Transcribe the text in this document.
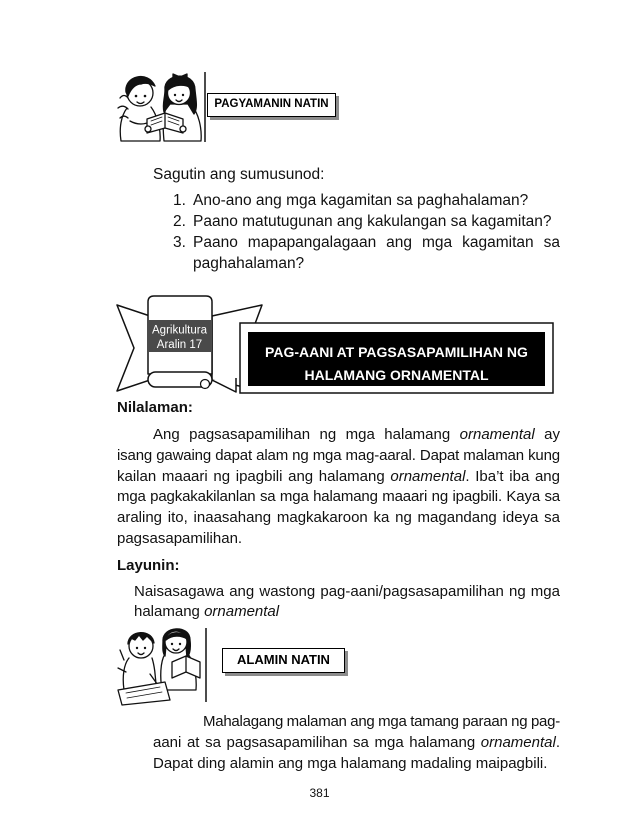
Agrikultura
Aralin 17	PAG-AANI AT PAGSASAPAMILIHAN NG
HALAMANG ORNAMENTAL
PAGYAMANIN NATIN
Sagutin ang sumusunod:
1. Ano-ano ang mga kagamitan sa paghahalaman?
2. Paano matutugunan ang kakulangan sa kagamitan?
3. Paano mapapangalagaan ang mga kagamitan sa paghahalaman?
Nilalaman:
Ang pagsasapamilihan ng mga halamang ornamental ay
isang gawaing dapat alam ng mga mag-aaral. Dapat malaman kung
kailan maaari ng ipagbili ang halamang ornamental. Iba’t iba ang
mga pagkakakilanlan sa mga halamang maaari ng ipagbili. Kaya sa
araling ito, inaasahang magkakaroon ka ng magandang ideya sa
pagsasapamilihan.
Layunin:
Naisasagawa ang wastong pag-aani/pagsasapamilihan ng mga
halamang ornamental
ALAMIN NATIN
Mahalagang malaman ang mga tamang paraan ng pag-
aani at sa pagsasapamilihan sa mga halamang ornamental.
Dapat ding alamin ang mga halamang madaling maipagbili.
381
